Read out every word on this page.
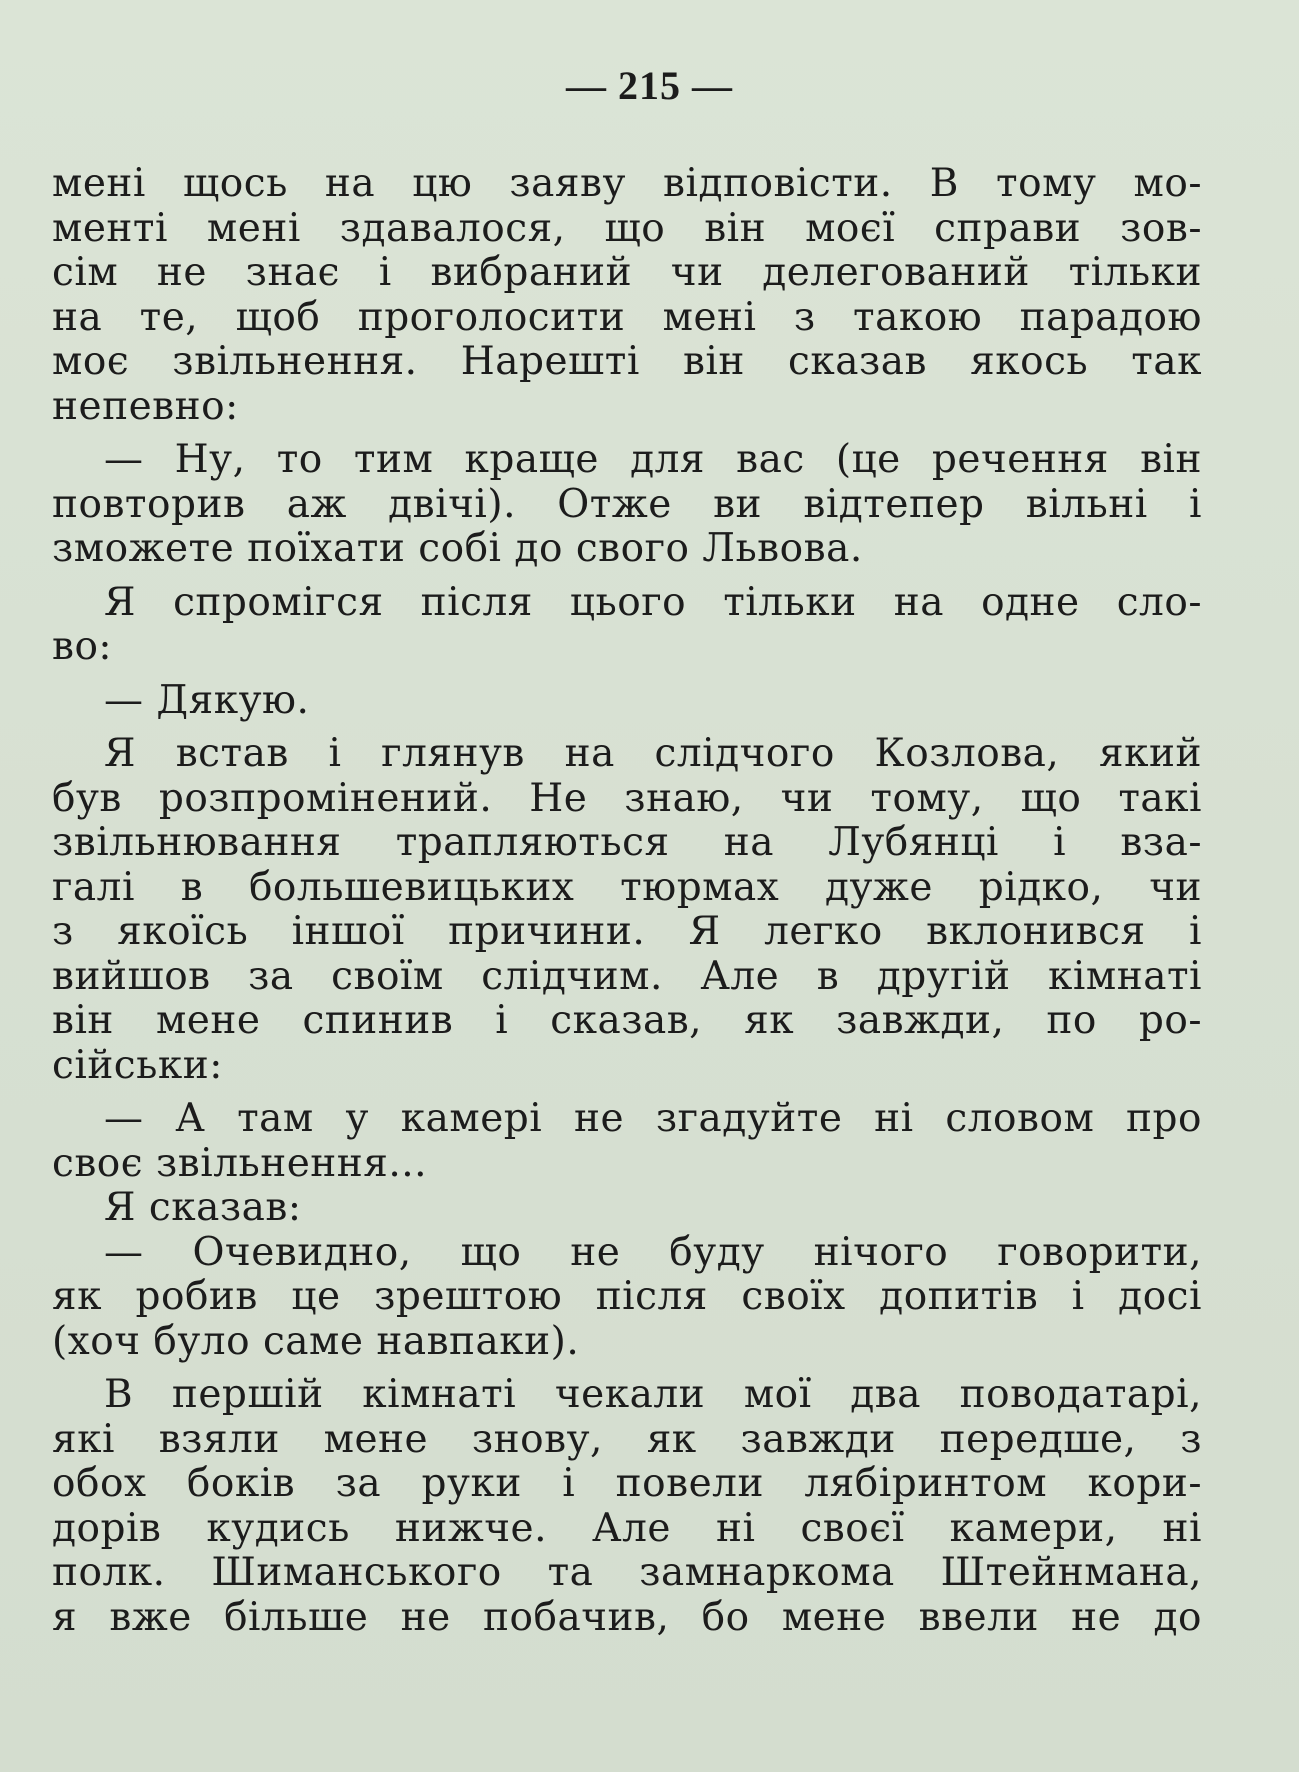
— 215 —
мені щось на цю заяву відповісти. В тому мо-
менті мені здавалося, що він моєї справи зов-
сім не знає і вибраний чи делегований тільки
на те, щоб проголосити мені з такою парадою
моє звільнення. Нарешті він сказав якось так
непевно:
— Ну, то тим краще для вас (це речення він
повторив аж двічі). Отже ви відтепер вільні і
зможете поїхати собі до свого Львова.
Я спромігся після цього тільки на одне сло-
во:
— Дякую.
Я встав і глянув на слідчого Козлова, який
був розпромінений. Не знаю, чи тому, що такі
звільнювання трапляються на Лубянці і вза-
галі в большевицьких тюрмах дуже рідко, чи
з якоїсь іншої причини. Я легко вклонився і
вийшов за своїм слідчим. Але в другій кімнаті
він мене спинив і сказав, як завжди, по ро-
сійськи:
— А там у камері не згадуйте ні словом про
своє звільнення...
Я сказав:
— Очевидно, що не буду нічого говорити,
як робив це зрештою після своїх допитів і досі
(хоч було саме навпаки).
В першій кімнаті чекали мої два поводатарі,
які взяли мене знову, як завжди передше, з
обох боків за руки і повели лябіринтом кори-
дорів кудись нижче. Але ні своєї камери, ні
полк. Шиманського та замнаркома Штейнмана,
я вже більше не побачив, бо мене ввели не до
